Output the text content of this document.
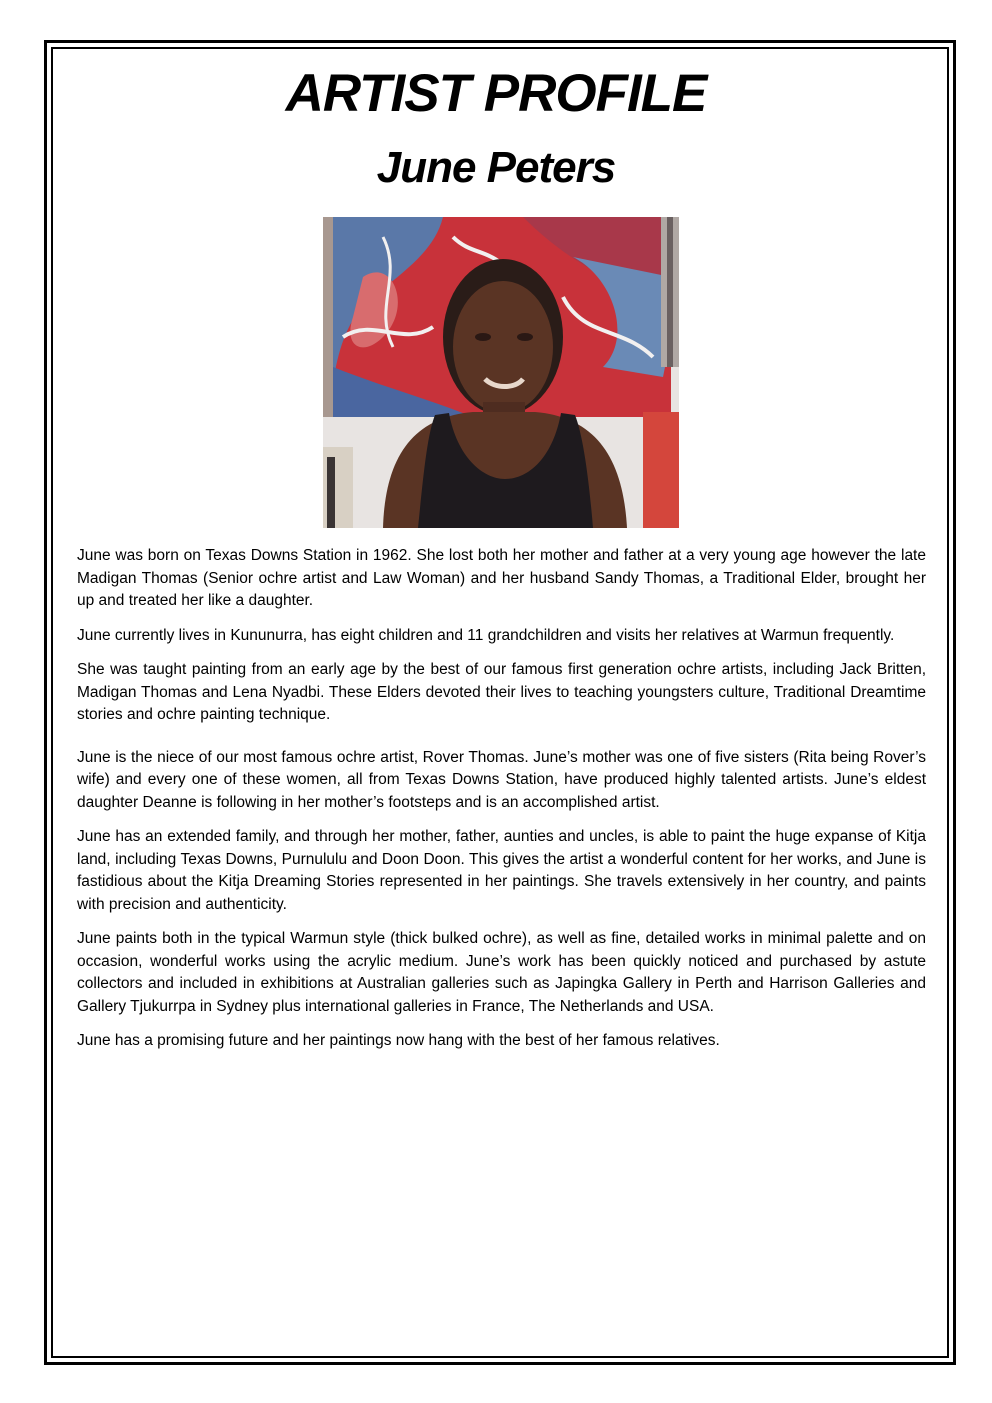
ARTIST PROFILE
June Peters

June was born on Texas Downs Station in 1962. She lost both her mother and father at a very young age however the late Madigan Thomas (Senior ochre artist and Law Woman) and her husband Sandy Thomas, a Traditional Elder, brought her up and treated her like a daughter.

June currently lives in Kununurra, has eight children and 11 grandchildren and visits her relatives at Warmun frequently.

She was taught painting from an early age by the best of our famous first generation ochre artists, including Jack Britten, Madigan Thomas and Lena Nyadbi. These Elders devoted their lives to teaching youngsters culture, Traditional Dreamtime stories and ochre painting technique.

June is the niece of our most famous ochre artist, Rover Thomas. June’s mother was one of five sisters (Rita being Rover’s wife) and every one of these women, all from Texas Downs Station, have produced highly talented artists. June’s eldest daughter Deanne is following in her mother’s footsteps and is an accomplished artist.

June has an extended family, and through her mother, father, aunties and uncles, is able to paint the huge expanse of Kitja land, including Texas Downs, Purnululu and Doon Doon. This gives the artist a wonderful content for her works, and June is fastidious about the Kitja Dreaming Stories represented in her paintings. She travels extensively in her country, and paints with precision and authenticity.

June paints both in the typical Warmun style (thick bulked ochre), as well as fine, detailed works in minimal palette and on occasion, wonderful works using the acrylic medium. June’s work has been quickly noticed and purchased by astute collectors and included in exhibitions at Australian galleries such as Japingka Gallery in Perth and Harrison Galleries and Gallery Tjukurrpa in Sydney plus international galleries in France, The Netherlands and USA.

June has a promising future and her paintings now hang with the best of her famous relatives.
